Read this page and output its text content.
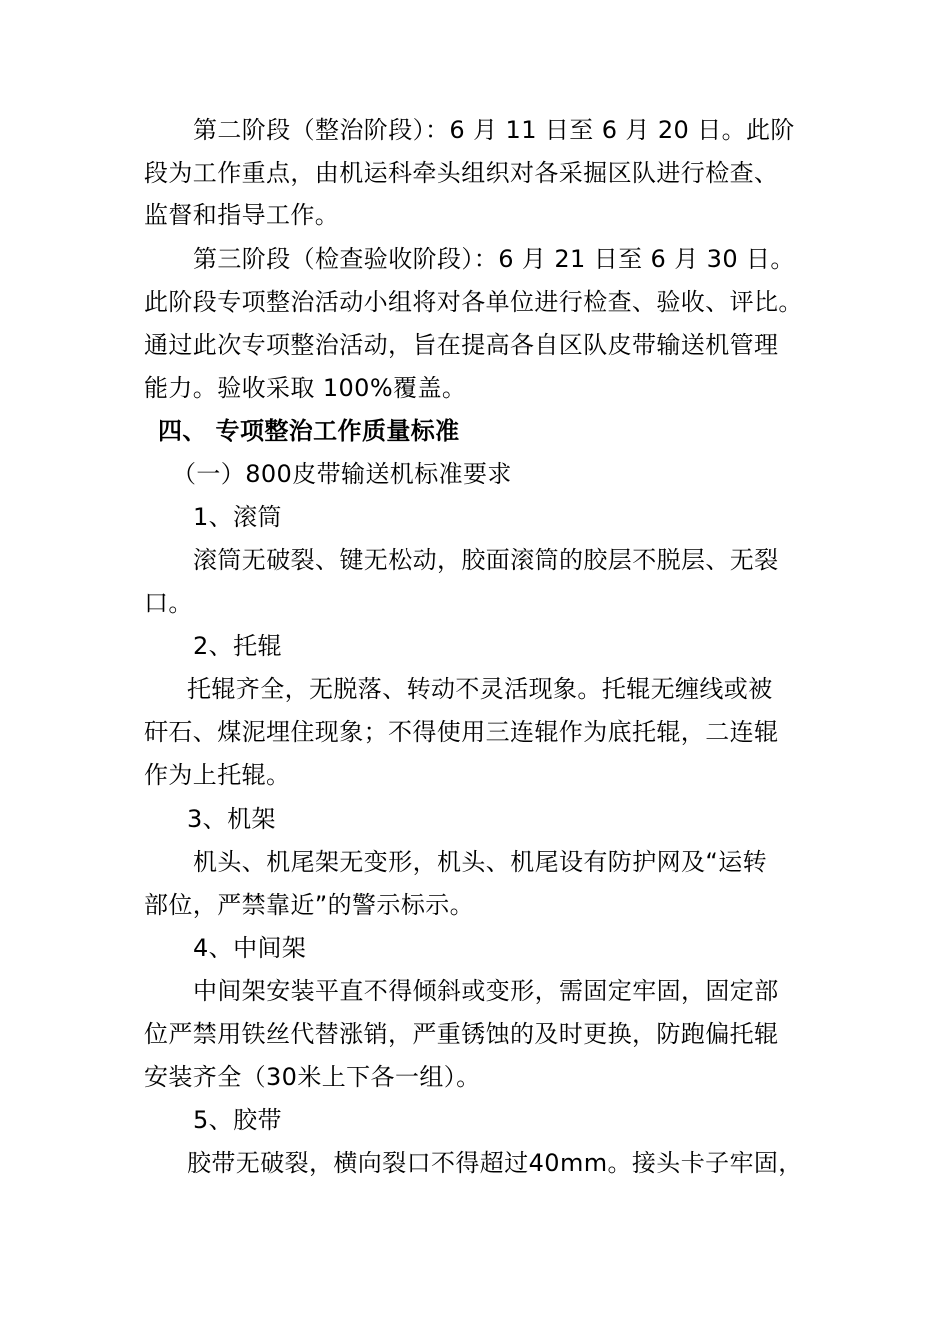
第二阶段（整治阶段）：6 月 11 日至 6 月 20 日。此阶
段为工作重点，由机运科牵头组织对各采掘区队进行检查、
监督和指导工作。
第三阶段（检查验收阶段）：6 月 21 日至 6 月 30 日。
此阶段专项整治活动小组将对各单位进行检查、验收、评比。
通过此次专项整治活动，旨在提高各自区队皮带输送机管理
能力。验收采取 100%覆盖。
四、 专项整治工作质量标准
（一）800皮带输送机标准要求
1、滚筒
滚筒无破裂、键无松动，胶面滚筒的胶层不脱层、无裂
口。
2、托辊
托辊齐全，无脱落、转动不灵活现象。托辊无缠线或被
矸石、煤泥埋住现象；不得使用三连辊作为底托辊，二连辊
作为上托辊。
3、机架
机头、机尾架无变形，机头、机尾设有防护网及“运转
部位，严禁靠近”的警示标示。
4、中间架
中间架安装平直不得倾斜或变形，需固定牢固，固定部
位严禁用铁丝代替涨销，严重锈蚀的及时更换，防跑偏托辊
安装齐全（30米上下各一组）。
5、胶带
胶带无破裂，横向裂口不得超过40mm。接头卡子牢固，
